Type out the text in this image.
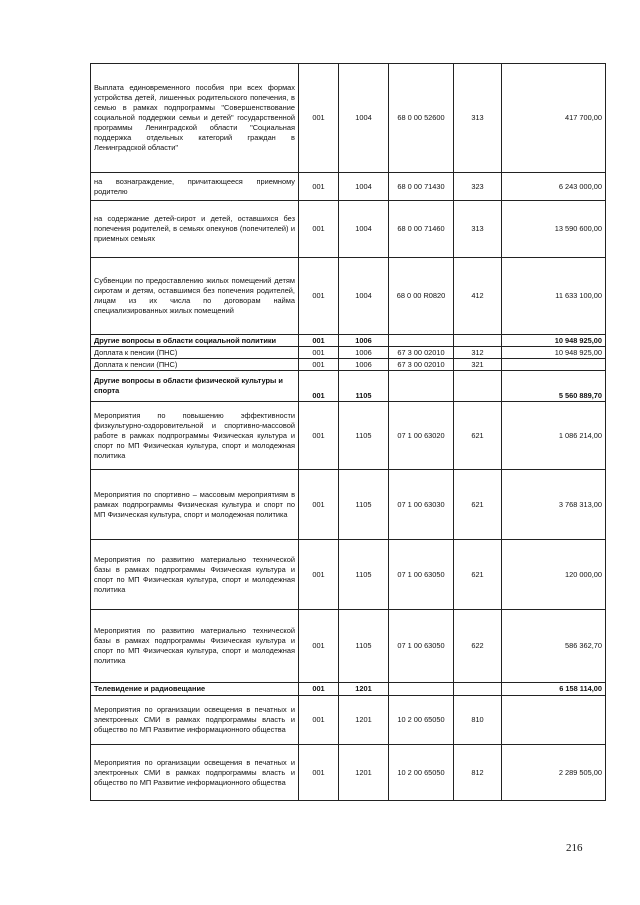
Выплата единовременного пособия при всех формах устройства детей, лишенных родительского попечения, в семью в рамках подпрограммы "Совершенствование социальной поддержки семьи и детей" государственной программы Ленинградской области "Социальная поддержка отдельных категорий граждан в Ленинградской области"	001	1004	68 0 00 52600	313	417 700,00
на вознаграждение, причитающееся приемному родителю	001	1004	68 0 00 71430	323	6 243 000,00
на содержание детей-сирот и детей, оставшихся без попечения родителей, в семьях опекунов (попечителей) и приемных семьях	001	1004	68 0 00 71460	313	13 590 600,00
Субвенции по предоставлению жилых помещений детям сиротам и детям, оставшимся без попечения родителей, лицам из их числа по договорам найма специализированных жилых помещений	001	1004	68 0 00 R0820	412	11 633 100,00
Другие вопросы в области социальной политики	001	1006			10 948 925,00
Доплата к пенсии (ПНС)	001	1006	67 3 00 02010	312	10 948 925,00
Доплата к пенсии (ПНС)	001	1006	67 3 00 02010	321	
Другие вопросы в области физической культуры и спорта	001	1105			5 560 889,70
Мероприятия по повышению эффективности физкультурно-оздоровительной и спортивно-массовой работе в рамках подпрограммы Физическая культура и спорт по МП Физическая культура, спорт и молодежная политика	001	1105	07 1 00 63020	621	1 086 214,00
Мероприятия по спортивно – массовым мероприятиям в рамках подпрограммы Физическая культура и спорт по МП Физическая культура, спорт и молодежная политика	001	1105	07 1 00 63030	621	3 768 313,00
Мероприятия по развитию материально технической базы в рамках подпрограммы Физическая культура и спорт по МП Физическая культура, спорт и молодежная политика	001	1105	07 1 00 63050	621	120 000,00
Мероприятия по развитию материально технической базы в рамках подпрограммы Физическая культура и спорт по МП Физическая культура, спорт и молодежная политика	001	1105	07 1 00 63050	622	586 362,70
Телевидение и радиовещание	001	1201			6 158 114,00
Мероприятия по организации освещения в печатных и электронных СМИ в рамках подпрограммы власть и общество по МП Развитие информационного общества	001	1201	10 2 00 65050	810	
Мероприятия по организации освещения в печатных и электронных СМИ в рамках подпрограммы власть и общество по МП Развитие информационного общества	001	1201	10 2 00 65050	812	2 289 505,00
216
